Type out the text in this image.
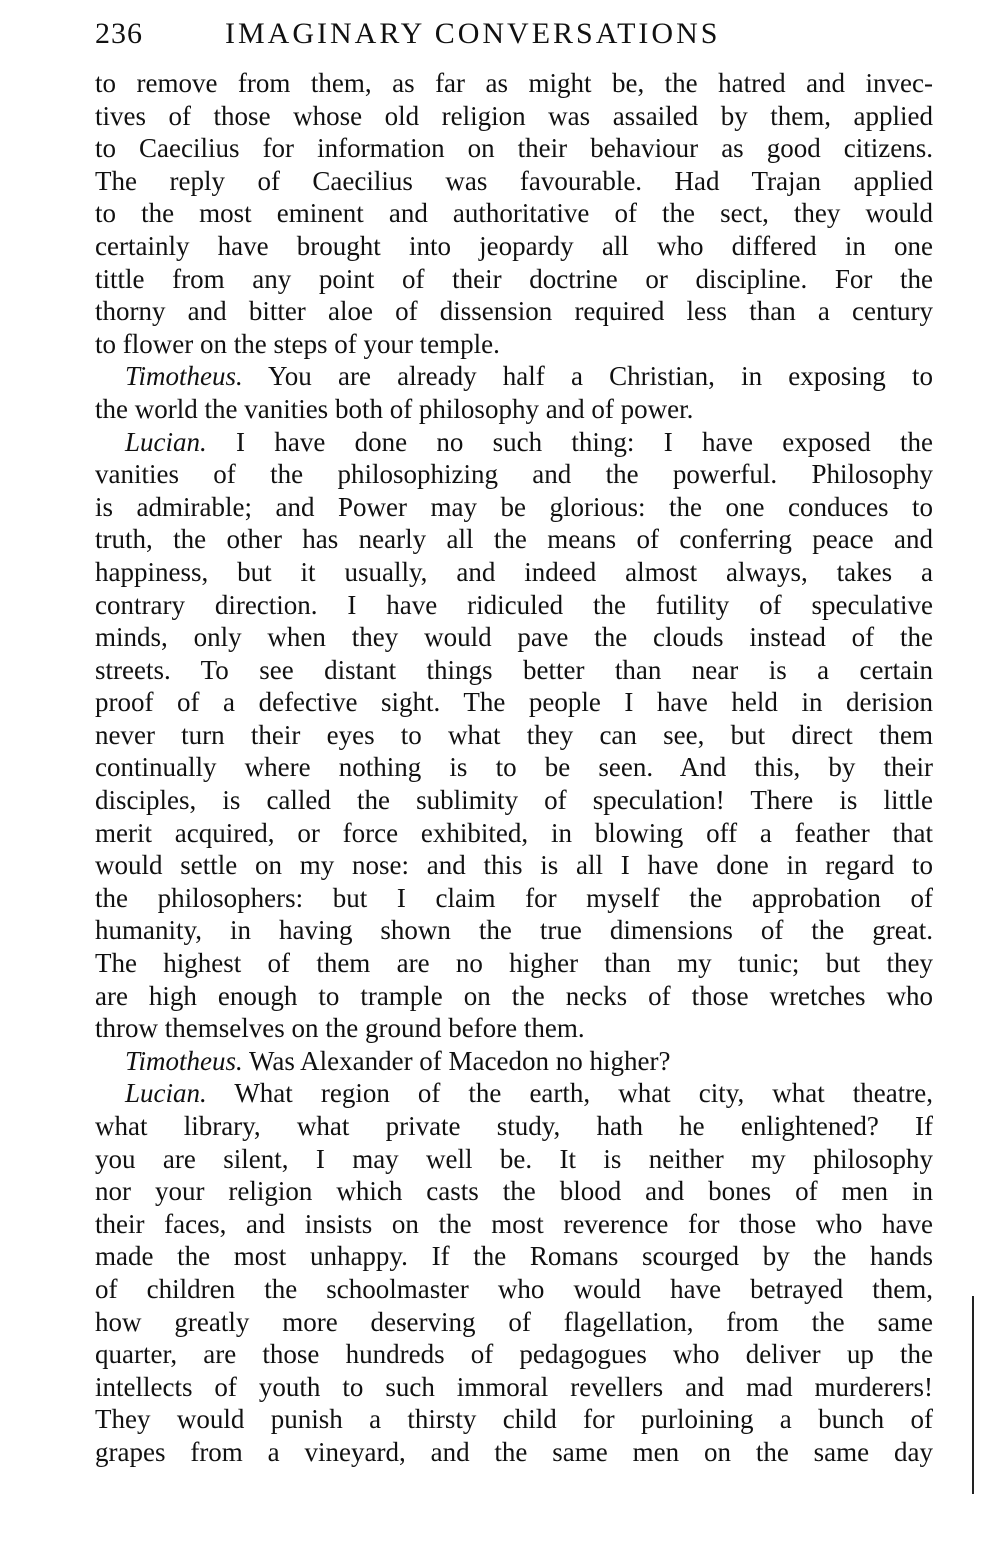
236	IMAGINARY CONVERSATIONS
to remove from them, as far as might be, the hatred and invec-
tives of those whose old religion was assailed by them, applied
to Caecilius for information on their behaviour as good citizens.
The reply of Caecilius was favourable. Had Trajan applied
to the most eminent and authoritative of the sect, they would
certainly have brought into jeopardy all who differed in one
tittle from any point of their doctrine or discipline. For the
thorny and bitter aloe of dissension required less than a century
to flower on the steps of your temple.
Timotheus. You are already half a Christian, in exposing to
the world the vanities both of philosophy and of power.
Lucian. I have done no such thing: I have exposed the
vanities of the philosophizing and the powerful. Philosophy
is admirable; and Power may be glorious: the one conduces to
truth, the other has nearly all the means of conferring peace and
happiness, but it usually, and indeed almost always, takes a
contrary direction. I have ridiculed the futility of speculative
minds, only when they would pave the clouds instead of the
streets. To see distant things better than near is a certain
proof of a defective sight. The people I have held in derision
never turn their eyes to what they can see, but direct them
continually where nothing is to be seen. And this, by their
disciples, is called the sublimity of speculation! There is little
merit acquired, or force exhibited, in blowing off a feather that
would settle on my nose: and this is all I have done in regard to
the philosophers: but I claim for myself the approbation of
humanity, in having shown the true dimensions of the great.
The highest of them are no higher than my tunic; but they
are high enough to trample on the necks of those wretches who
throw themselves on the ground before them.
Timotheus. Was Alexander of Macedon no higher?
Lucian. What region of the earth, what city, what theatre,
what library, what private study, hath he enlightened? If
you are silent, I may well be. It is neither my philosophy
nor your religion which casts the blood and bones of men in
their faces, and insists on the most reverence for those who have
made the most unhappy. If the Romans scourged by the hands
of children the schoolmaster who would have betrayed them,
how greatly more deserving of flagellation, from the same
quarter, are those hundreds of pedagogues who deliver up the
intellects of youth to such immoral revellers and mad murderers!
They would punish a thirsty child for purloining a bunch of
grapes from a vineyard, and the same men on the same day
